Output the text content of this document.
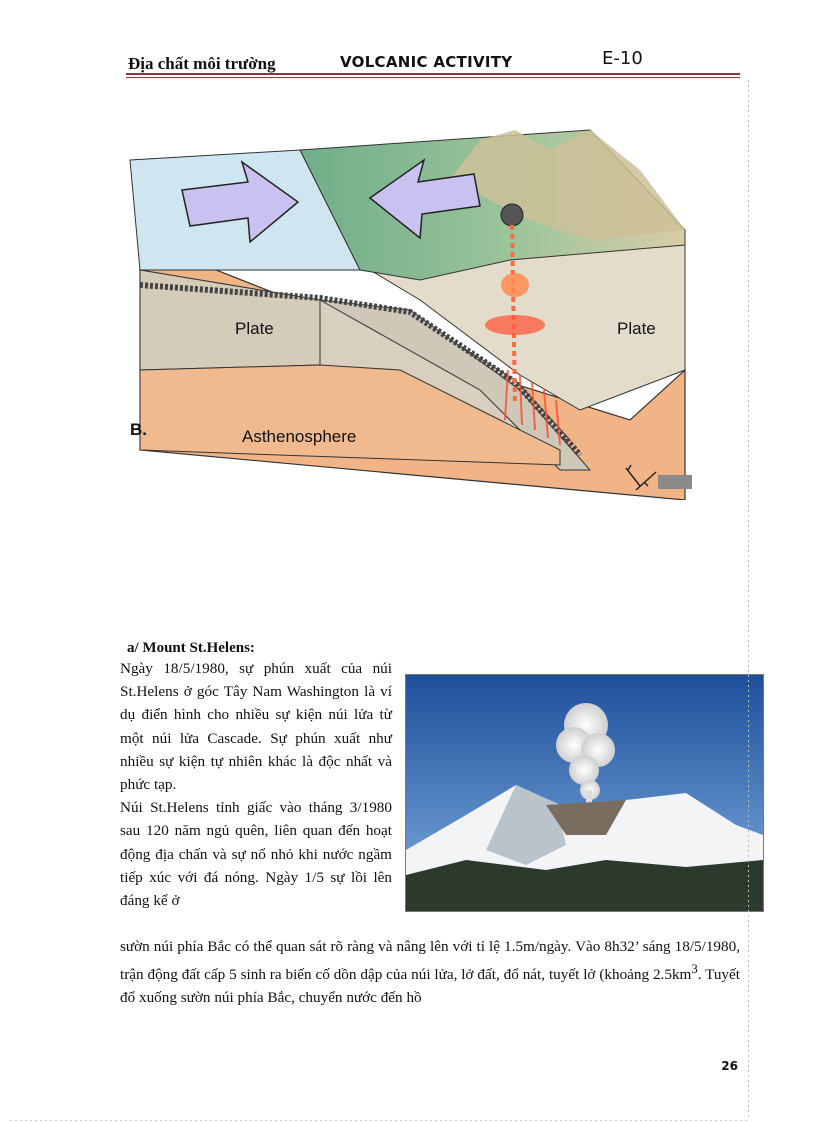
Địa chất môi trường	VOLCANIC ACTIVITY	E-10
Plate	Plate
Asthenosphere
B.
a/ Mount St.Helens:

Ngày 18/5/1980, sự phún xuất của núi St.Helens ở góc Tây Nam Washington là ví dụ điển hình cho nhiều sự kiện núi lửa từ một núi lửa Cascade. Sự phún xuất như nhiều sự kiện tự nhiên khác là độc nhất và phức tạp.

Núi St.Helens tỉnh giấc vào tháng 3/1980 sau 120 năm ngủ quên, liên quan đến hoạt động địa chấn và sự nổ nhỏ khi nước ngầm tiếp xúc với đá nóng. Ngày 1/5 sự lồi lên đáng kể ở

sườn núi phía Bắc có thể quan sát rõ ràng và nâng lên với tỉ lệ 1.5m/ngày. Vào 8h32’ sáng 18/5/1980, trận động đất cấp 5 sinh ra biến cố dồn dập của núi lửa, lở đất, đổ nát, tuyết lở (khoảng $2.5km^3$. Tuyết đổ xuống sườn núi phía Bắc, chuyển nước đến hồ

26
